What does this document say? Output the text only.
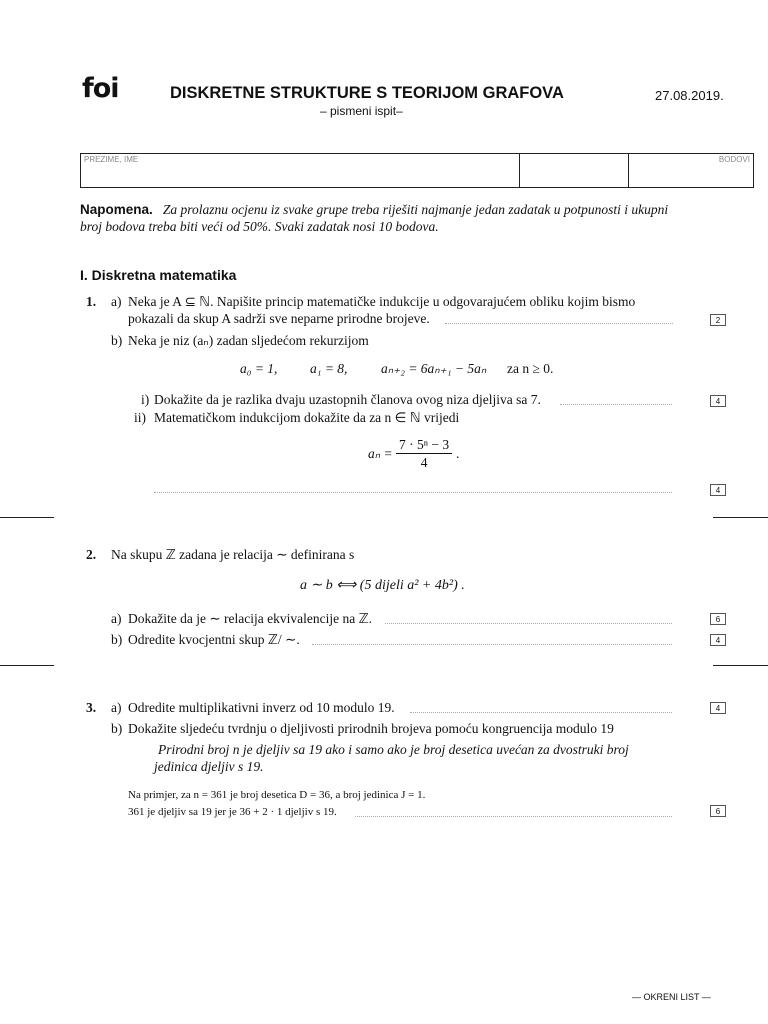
foi	DISKRETNE STRUKTURE S TEORIJOM GRAFOVA
– pismeni ispit–
27.08.2019.
PREZIME, IME	BODOVI
Napomena. Za prolaznu ocjenu iz svake grupe treba riješiti najmanje jedan zadatak u potpunosti i ukupni broj bodova treba biti veći od 50%. Svaki zadatak nosi 10 bodova.
I. Diskretna matematika
1. a) Neka je A ⊆ ℕ. Napišite princip matematičke indukcije u odgovarajućem obliku kojim bismo
pokazali da skup A sadrži sve neparne prirodne brojeve.	2
b) Neka je niz (aₙ) zadan sljedećom rekurzijom
a₀ = 1, a₁ = 8, aₙ₊₂ = 6aₙ₊₁ − 5aₙ za n ≥ 0.
i) Dokažite da je razlika dvaju uzastopnih članova ovog niza djeljiva sa 7.	4
ii) Matematičkom indukcijom dokažite da za n ∈ ℕ vrijedi
$a_n = \frac{\text{7 · 5ⁿ − 3}}{4}$ .
4
2. Na skupu ℤ zadana je relacija ∼ definirana s
a ∼ b ⟺ (5 dijeli a² + 4b²) .
a) Dokažite da je ∼ relacija ekvivalencije na ℤ.	6
b) Odredite kvocjentni skup ℤ/ ∼.	4
3. a) Odredite multiplikativni inverz od 10 modulo 19.	4
b) Dokažite sljedeću tvrdnju o djeljivosti prirodnih brojeva pomoću kongruencija modulo 19
Prirodni broj n je djeljiv sa 19 ako i samo ako je broj desetica uvećan za dvostruki broj
jedinica djeljiv s 19.
Na primjer, za n = 361 je broj desetica D = 36, a broj jedinica J = 1.
361 je djeljiv sa 19 jer je 36 + 2 · 1 djeljiv s 19.	6
— OKRENI LIST —
